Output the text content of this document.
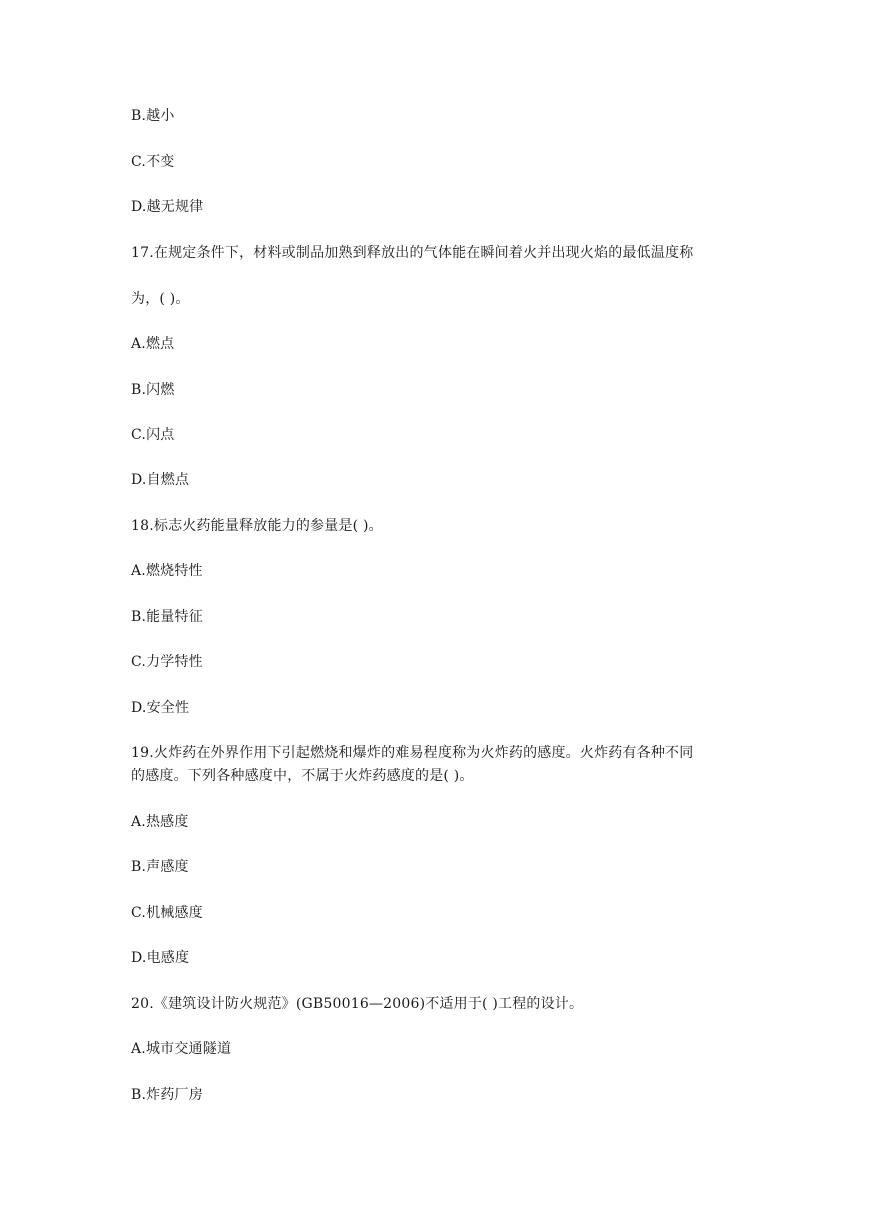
B.越小
C.不变
D.越无规律
17.在规定条件下，材料或制品加熟到释放出的气体能在瞬间着火并出现火焰的最低温度称
为，( )。
A.燃点
B.闪燃
C.闪点
D.自燃点
18.标志火药能量释放能力的参量是( )。
A.燃烧特性
B.能量特征
C.力学特性
D.安全性
19.火炸药在外界作用下引起燃烧和爆炸的难易程度称为火炸药的感度。火炸药有各种不同
的感度。下列各种感度中，不属于火炸药感度的是( )。
A.热感度
B.声感度
C.机械感度
D.电感度
20.《建筑设计防火规范》(GB50016—2006)不适用于( )工程的设计。
A.城市交通隧道
B.炸药厂房
